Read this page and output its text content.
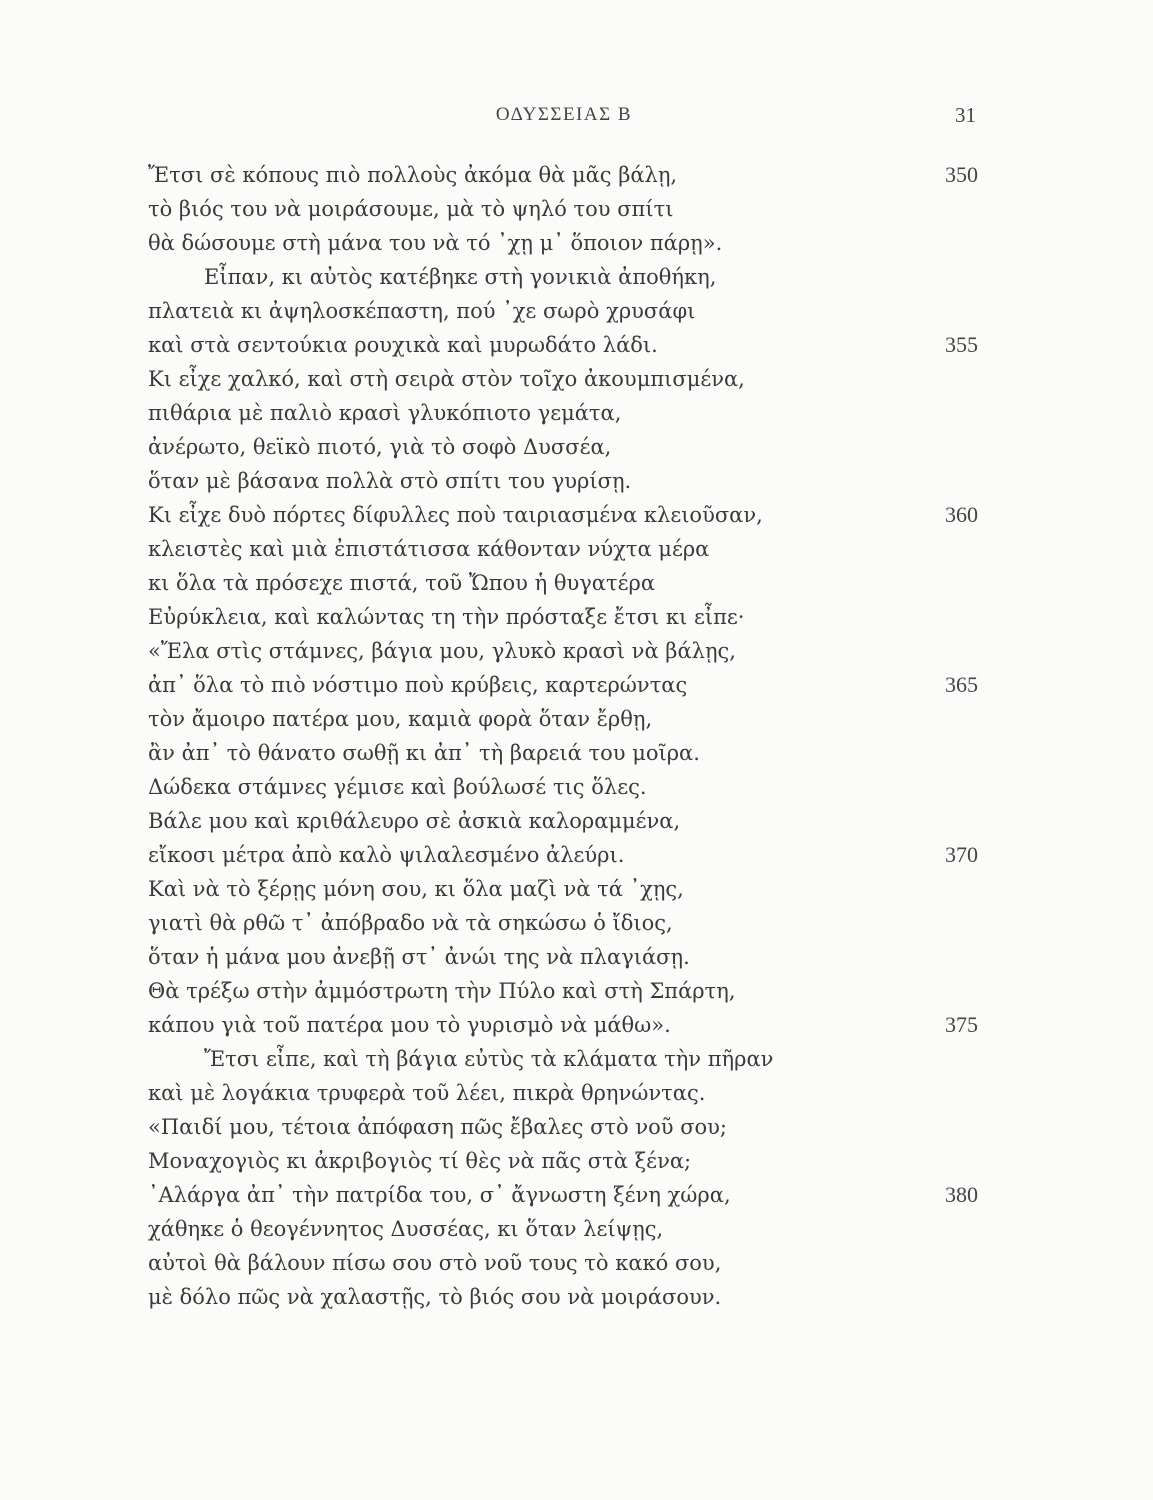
ΟΔΥΣΣΕΙΑΣ Β	31
Ἔτσι σὲ κόπους πιὸ πολλοὺς ἀκόμα θὰ μᾶς βάλῃ,	350
τὸ βιός του νὰ μοιράσουμε, μὰ τὸ ψηλό του σπίτι
θὰ δώσουμε στὴ μάνα του νὰ τό ᾽χῃ μ᾽ ὅποιον πάρῃ».
Εἶπαν, κι αὐτὸς κατέβηκε στὴ γονικιὰ ἀποθήκη,
πλατειὰ κι ἀψηλοσκέπαστη, πού ᾽χε σωρὸ χρυσάφι
καὶ στὰ σεντούκια ρουχικὰ καὶ μυρωδάτο λάδι.	355
Κι εἶχε χαλκό, καὶ στὴ σειρὰ στὸν τοῖχο ἀκουμπισμένα,
πιθάρια μὲ παλιὸ κρασὶ γλυκόπιοτο γεμάτα,
ἀνέρωτο, θεϊκὸ πιοτό, γιὰ τὸ σοφὸ Δυσσέα,
ὅταν μὲ βάσανα πολλὰ στὸ σπίτι του γυρίσῃ.
Κι εἶχε δυὸ πόρτες δίφυλλες ποὺ ταιριασμένα κλειοῦσαν,	360
κλειστὲς καὶ μιὰ ἐπιστάτισσα κάθονταν νύχτα μέρα
κι ὅλα τὰ πρόσεχε πιστά, τοῦ Ὤπου ἡ θυγατέρα
Εὐρύκλεια, καὶ καλώντας τη τὴν πρόσταξε ἔτσι κι εἶπε·
«Ἔλα στὶς στάμνες, βάγια μου, γλυκὸ κρασὶ νὰ βάλῃς,
ἀπ᾽ ὅλα τὸ πιὸ νόστιμο ποὺ κρύβεις, καρτερώντας	365
τὸν ἄμοιρο πατέρα μου, καμιὰ φορὰ ὅταν ἔρθῃ,
ἂν ἀπ᾽ τὸ θάνατο σωθῇ κι ἀπ᾽ τὴ βαρειά του μοῖρα.
Δώδεκα στάμνες γέμισε καὶ βούλωσέ τις ὅλες.
Βάλε μου καὶ κριθάλευρο σὲ ἀσκιὰ καλοραμμένα,
εἴκοσι μέτρα ἀπὸ καλὸ ψιλαλεσμένο ἀλεύρι.	370
Καὶ νὰ τὸ ξέρῃς μόνη σου, κι ὅλα μαζὶ νὰ τά ᾽χῃς,
γιατὶ θὰ ρθῶ τ᾽ ἀπόβραδο νὰ τὰ σηκώσω ὁ ἴδιος,
ὅταν ἡ μάνα μου ἀνεβῇ στ᾽ ἀνώι της νὰ πλαγιάσῃ.
Θὰ τρέξω στὴν ἀμμόστρωτη τὴν Πύλο καὶ στὴ Σπάρτη,
κάπου γιὰ τοῦ πατέρα μου τὸ γυρισμὸ νὰ μάθω».	375
Ἔτσι εἶπε, καὶ τὴ βάγια εὐτὺς τὰ κλάματα τὴν πῆραν
καὶ μὲ λογάκια τρυφερὰ τοῦ λέει, πικρὰ θρηνώντας.
«Παιδί μου, τέτοια ἀπόφαση πῶς ἔβαλες στὸ νοῦ σου;
Μοναχογιὸς κι ἀκριβογιὸς τί θὲς νὰ πᾶς στὰ ξένα;
᾽Αλάργα ἀπ᾽ τὴν πατρίδα του, σ᾽ ἄγνωστη ξένη χώρα,	380
χάθηκε ὁ θεογέννητος Δυσσέας, κι ὅταν λείψῃς,
αὐτοὶ θὰ βάλουν πίσω σου στὸ νοῦ τους τὸ κακό σου,
μὲ δόλο πῶς νὰ χαλαστῇς, τὸ βιός σου νὰ μοιράσουν.
